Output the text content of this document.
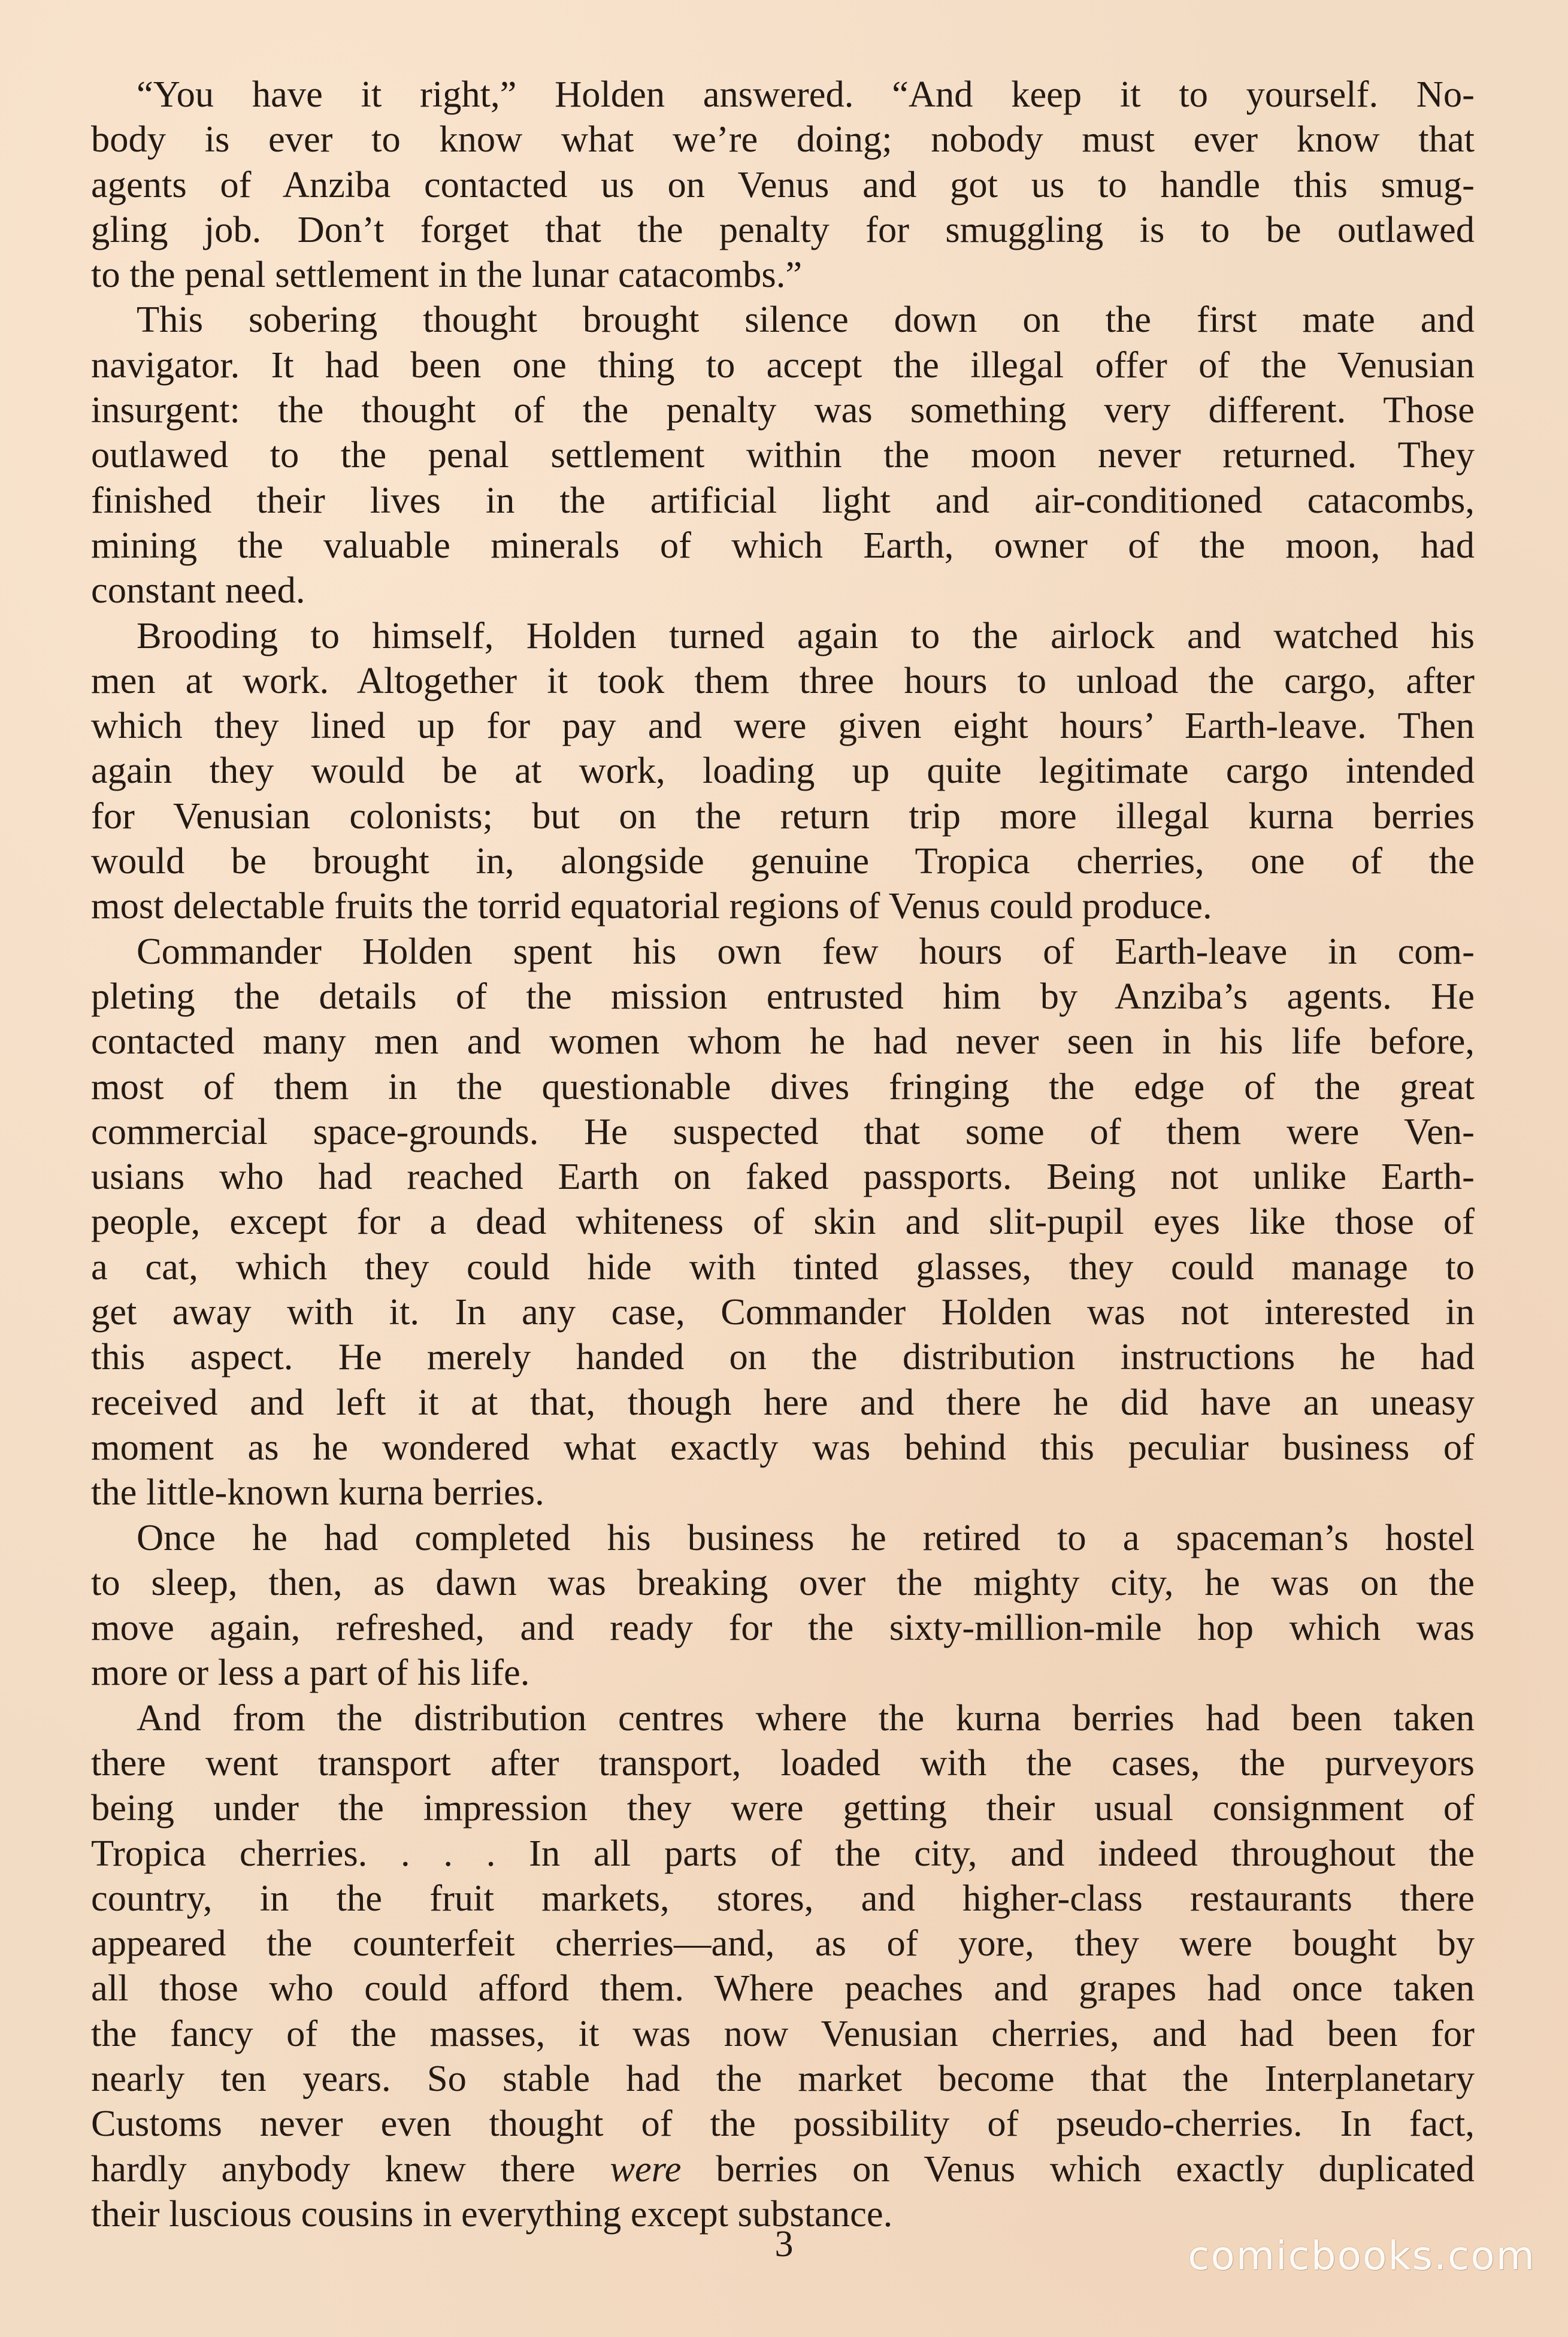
“You have it right,” Holden answered. “And keep it to yourself. No-
body is ever to know what we’re doing; nobody must ever know that
agents of Anziba contacted us on Venus and got us to handle this smug-
gling job. Don’t forget that the penalty for smuggling is to be outlawed
to the penal settlement in the lunar catacombs.”
This sobering thought brought silence down on the first mate and
navigator. It had been one thing to accept the illegal offer of the Venusian
insurgent: the thought of the penalty was something very different. Those
outlawed to the penal settlement within the moon never returned. They
finished their lives in the artificial light and air-conditioned catacombs,
mining the valuable minerals of which Earth, owner of the moon, had
constant need.
Brooding to himself, Holden turned again to the airlock and watched his
men at work. Altogether it took them three hours to unload the cargo, after
which they lined up for pay and were given eight hours’ Earth-leave. Then
again they would be at work, loading up quite legitimate cargo intended
for Venusian colonists; but on the return trip more illegal kurna berries
would be brought in, alongside genuine Tropica cherries, one of the
most delectable fruits the torrid equatorial regions of Venus could produce.
Commander Holden spent his own few hours of Earth-leave in com-
pleting the details of the mission entrusted him by Anziba’s agents. He
contacted many men and women whom he had never seen in his life before,
most of them in the questionable dives fringing the edge of the great
commercial space-grounds. He suspected that some of them were Ven-
usians who had reached Earth on faked passports. Being not unlike Earth-
people, except for a dead whiteness of skin and slit-pupil eyes like those of
a cat, which they could hide with tinted glasses, they could manage to
get away with it. In any case, Commander Holden was not interested in
this aspect. He merely handed on the distribution instructions he had
received and left it at that, though here and there he did have an uneasy
moment as he wondered what exactly was behind this peculiar business of
the little-known kurna berries.
Once he had completed his business he retired to a spaceman’s hostel
to sleep, then, as dawn was breaking over the mighty city, he was on the
move again, refreshed, and ready for the sixty-million-mile hop which was
more or less a part of his life.
And from the distribution centres where the kurna berries had been taken
there went transport after transport, loaded with the cases, the purveyors
being under the impression they were getting their usual consignment of
Tropica cherries. . . . In all parts of the city, and indeed throughout the
country, in the fruit markets, stores, and higher-class restaurants there
appeared the counterfeit cherries—and, as of yore, they were bought by
all those who could afford them. Where peaches and grapes had once taken
the fancy of the masses, it was now Venusian cherries, and had been for
nearly ten years. So stable had the market become that the Interplanetary
Customs never even thought of the possibility of pseudo-cherries. In fact,
hardly anybody knew there were berries on Venus which exactly duplicated
their luscious cousins in everything except substance.
3	comicbooks.com
